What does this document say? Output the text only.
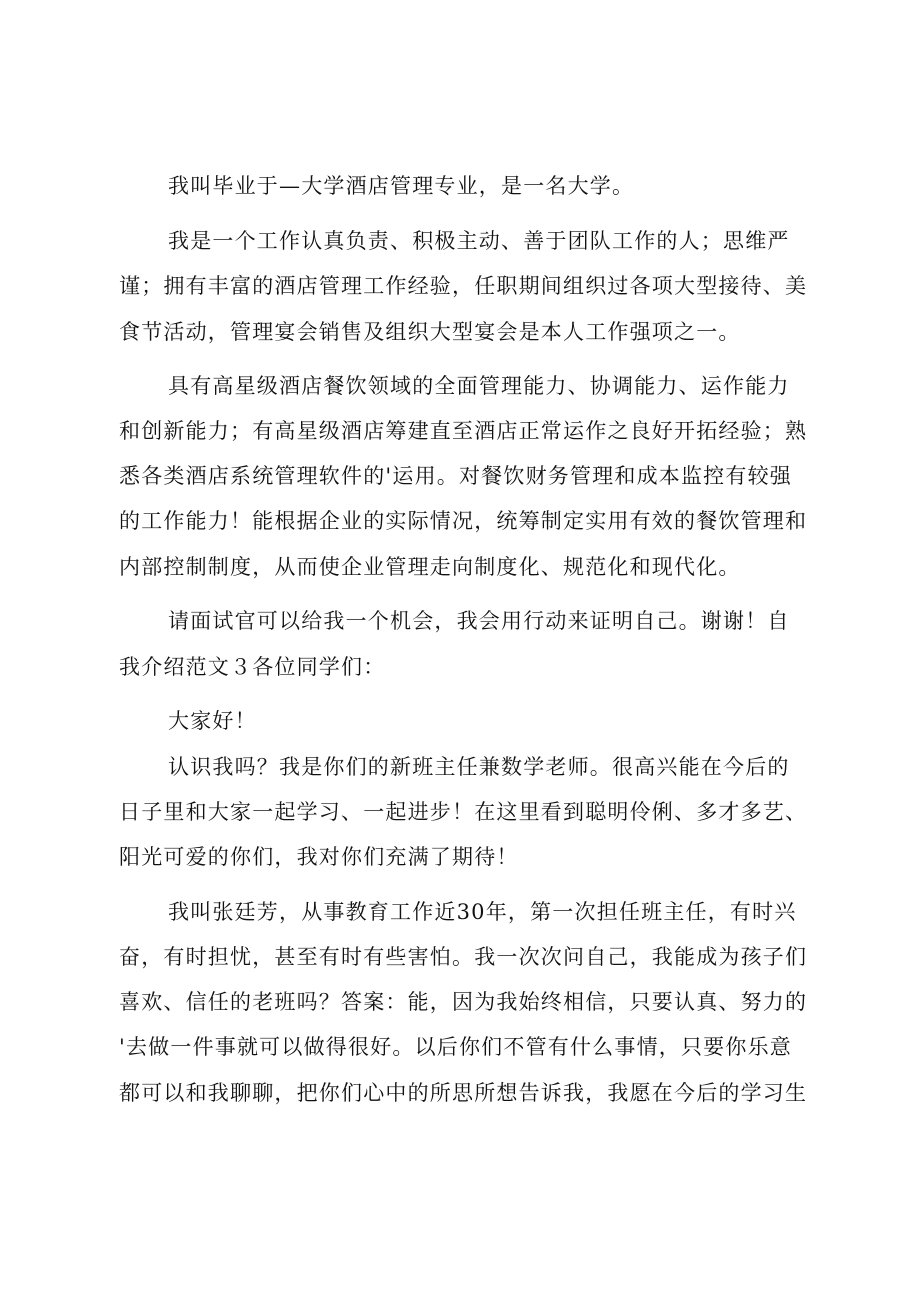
我叫毕业于—大学酒店管理专业，是一名大学。
我是一个工作认真负责、积极主动、善于团队工作的人；思维严
谨；拥有丰富的酒店管理工作经验，任职期间组织过各项大型接待、美
食节活动，管理宴会销售及组织大型宴会是本人工作强项之一。
具有高星级酒店餐饮领域的全面管理能力、协调能力、运作能力
和创新能力；有高星级酒店筹建直至酒店正常运作之良好开拓经验；熟
悉各类酒店系统管理软件的'运用。对餐饮财务管理和成本监控有较强
的工作能力！能根据企业的实际情况，统筹制定实用有效的餐饮管理和
内部控制制度，从而使企业管理走向制度化、规范化和现代化。
请面试官可以给我一个机会，我会用行动来证明自己。谢谢！自
我介绍范文３各位同学们：
大家好！
认识我吗？我是你们的新班主任兼数学老师。很高兴能在今后的
日子里和大家一起学习、一起进步！在这里看到聪明伶俐、多才多艺、
阳光可爱的你们，我对你们充满了期待！
我叫张廷芳，从事教育工作近30年，第一次担任班主任，有时兴
奋，有时担忧，甚至有时有些害怕。我一次次问自己，我能成为孩子们
喜欢、信任的老班吗？答案：能，因为我始终相信，只要认真、努力的
'去做一件事就可以做得很好。以后你们不管有什么事情，只要你乐意
都可以和我聊聊，把你们心中的所思所想告诉我，我愿在今后的学习生
